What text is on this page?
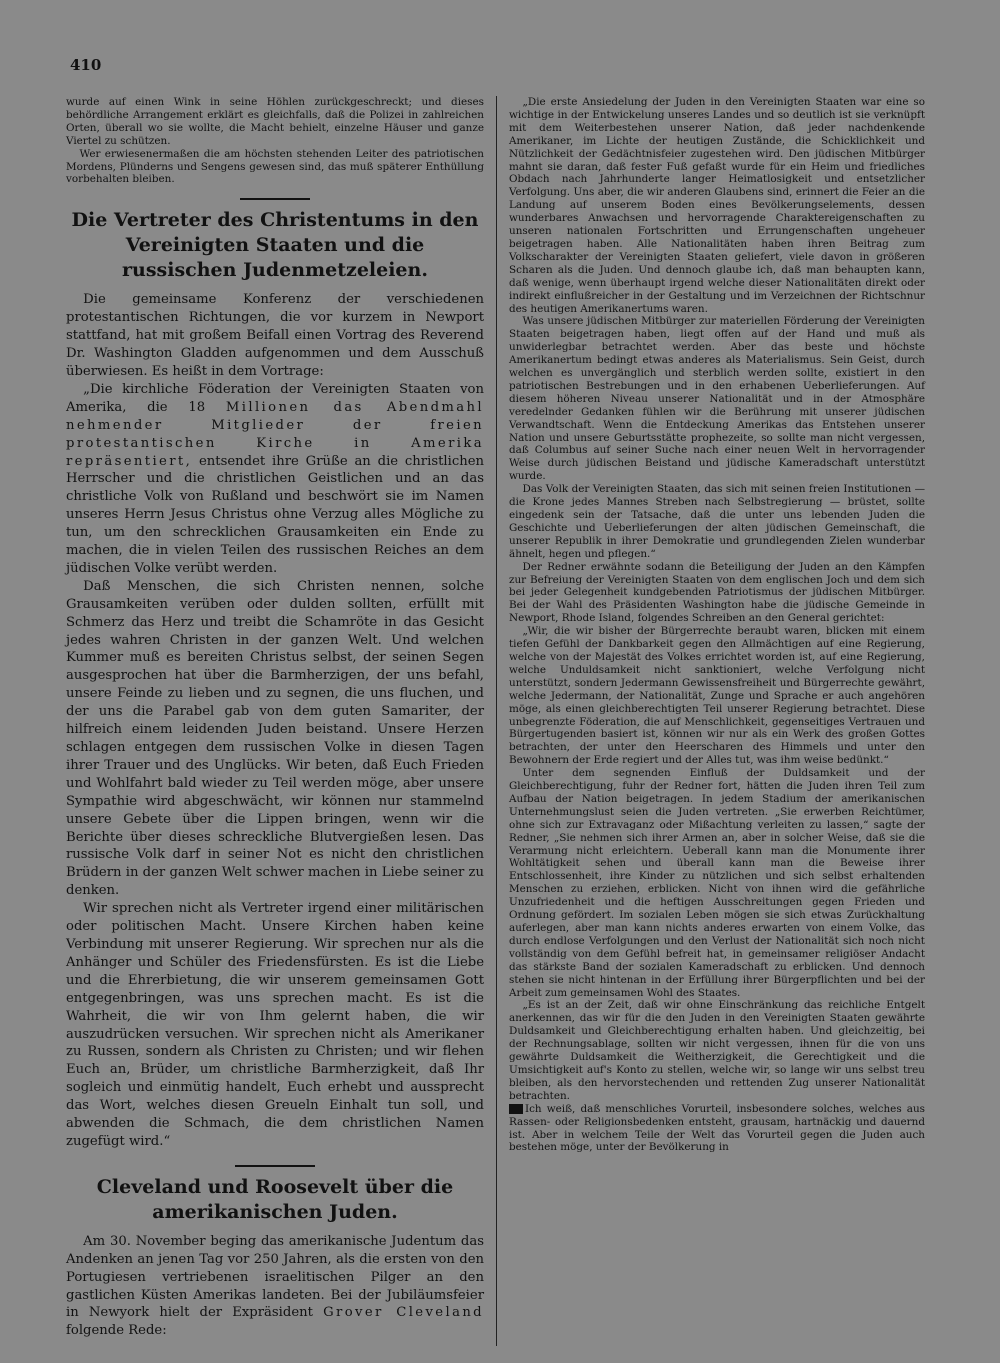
410

wurde auf einen Wink in seine Höhlen zurückgeschreckt; und dieses behördliche Arrangement erklärt es gleichfalls, daß die Polizei in zahlreichen Orten, überall wo sie wollte, die Macht behielt, einzelne Häuser und ganze Viertel zu schützen.

Wer erwiesenermaßen die am höchsten stehenden Leiter des patriotischen Mordens, Plünderns und Sengens gewesen sind, das muß späterer Enthüllung vorbehalten bleiben.

Die Vertreter des Christentums in den Vereinigten Staaten und die russischen Judenmetzeleien.

Die gemeinsame Konferenz der verschiedenen protestantischen Richtungen, die vor kurzem in Newport stattfand, hat mit großem Beifall einen Vortrag des Reverend Dr. Washington Gladden aufgenommen und dem Ausschuß überwiesen. Es heißt in dem Vortrage:

„Die kirchliche Föderation der Vereinigten Staaten von Amerika, die 18 Millionen das Abendmahl nehmender Mitglieder der freien protestantischen Kirche in Amerika repräsentiert, entsendet ihre Grüße an die christlichen Herrscher und die christlichen Geistlichen und an das christliche Volk von Rußland und beschwört sie im Namen unseres Herrn Jesus Christus ohne Verzug alles Mögliche zu tun, um den schrecklichen Grausamkeiten ein Ende zu machen, die in vielen Teilen des russischen Reiches an dem jüdischen Volke verübt werden.

Daß Menschen, die sich Christen nennen, solche Grausamkeiten verüben oder dulden sollten, erfüllt mit Schmerz das Herz und treibt die Schamröte in das Gesicht jedes wahren Christen in der ganzen Welt. Und welchen Kummer muß es bereiten Christus selbst, der seinen Segen ausgesprochen hat über die Barmherzigen, der uns befahl, unsere Feinde zu lieben und zu segnen, die uns fluchen, und der uns die Parabel gab von dem guten Samariter, der hilfreich einem leidenden Juden beistand. Unsere Herzen schlagen entgegen dem russischen Volke in diesen Tagen ihrer Trauer und des Unglücks. Wir beten, daß Euch Frieden und Wohlfahrt bald wieder zu Teil werden möge, aber unsere Sympathie wird abgeschwächt, wir können nur stammelnd unsere Gebete über die Lippen bringen, wenn wir die Berichte über dieses schreckliche Blutvergießen lesen. Das russische Volk darf in seiner Not es nicht den christlichen Brüdern in der ganzen Welt schwer machen in Liebe seiner zu denken.

Wir sprechen nicht als Vertreter irgend einer militärischen oder politischen Macht. Unsere Kirchen haben keine Verbindung mit unserer Regierung. Wir sprechen nur als die Anhänger und Schüler des Friedensfürsten. Es ist die Liebe und die Ehrerbietung, die wir unserem gemeinsamen Gott entgegenbringen, was uns sprechen macht. Es ist die Wahrheit, die wir von Ihm gelernt haben, die wir auszudrücken versuchen. Wir sprechen nicht als Amerikaner zu Russen, sondern als Christen zu Christen; und wir flehen Euch an, Brüder, um christliche Barmherzigkeit, daß Ihr sogleich und einmütig handelt, Euch erhebt und aussprecht das Wort, welches diesen Greueln Einhalt tun soll, und abwenden die Schmach, die dem christlichen Namen zugefügt wird.“

Cleveland und Roosevelt über die amerikanischen Juden.

Am 30. November beging das amerikanische Judentum das Andenken an jenen Tag vor 250 Jahren, als die ersten von den Portugiesen vertriebenen israelitischen Pilger an den gastlichen Küsten Amerikas landeten. Bei der Jubiläumsfeier in Newyork hielt der Expräsident Grover Cleveland folgende Rede:

„Die erste Ansiedelung der Juden in den Vereinigten Staaten war eine so wichtige in der Entwickelung unseres Landes und so deutlich ist sie verknüpft mit dem Weiterbestehen unserer Nation, daß jeder nachdenkende Amerikaner, im Lichte der heutigen Zustände, die Schicklichkeit und Nützlichkeit der Gedächtnisfeier zugestehen wird. Den jüdischen Mitbürger mahnt sie daran, daß fester Fuß gefaßt wurde für ein Heim und friedliches Obdach nach Jahrhunderte langer Heimatlosigkeit und entsetzlicher Verfolgung. Uns aber, die wir anderen Glaubens sind, erinnert die Feier an die Landung auf unserem Boden eines Bevölkerungselements, dessen wunderbares Anwachsen und hervorragende Charaktereigenschaften zu unseren nationalen Fortschritten und Errungenschaften ungeheuer beigetragen haben. Alle Nationalitäten haben ihren Beitrag zum Volkscharakter der Vereinigten Staaten geliefert, viele davon in größeren Scharen als die Juden. Und dennoch glaube ich, daß man behaupten kann, daß wenige, wenn überhaupt irgend welche dieser Nationalitäten direkt oder indirekt einflußreicher in der Gestaltung und im Verzeichnen der Richtschnur des heutigen Amerikanertums waren.

Was unsere jüdischen Mitbürger zur materiellen Förderung der Vereinigten Staaten beigetragen haben, liegt offen auf der Hand und muß als unwiderlegbar betrachtet werden. Aber das beste und höchste Amerikanertum bedingt etwas anderes als Materialismus. Sein Geist, durch welchen es unvergänglich und sterblich werden sollte, existiert in den patriotischen Bestrebungen und in den erhabenen Ueberlieferungen. Auf diesem höheren Niveau unserer Nationalität und in der Atmosphäre veredelnder Gedanken fühlen wir die Berührung mit unserer jüdischen Verwandtschaft. Wenn die Entdeckung Amerikas das Entstehen unserer Nation und unsere Geburtsstätte prophezeite, so sollte man nicht vergessen, daß Columbus auf seiner Suche nach einer neuen Welt in hervorragender Weise durch jüdischen Beistand und jüdische Kameradschaft unterstützt wurde.

Das Volk der Vereinigten Staaten, das sich mit seinen freien Institutionen — die Krone jedes Mannes Streben nach Selbstregierung — brüstet, sollte eingedenk sein der Tatsache, daß die unter uns lebenden Juden die Geschichte und Ueberlieferungen der alten jüdischen Gemeinschaft, die unserer Republik in ihrer Demokratie und grundlegenden Zielen wunderbar ähnelt, hegen und pflegen.“

Der Redner erwähnte sodann die Beteiligung der Juden an den Kämpfen zur Befreiung der Vereinigten Staaten von dem englischen Joch und dem sich bei jeder Gelegenheit kundgebenden Patriotismus der jüdischen Mitbürger. Bei der Wahl des Präsidenten Washington habe die jüdische Gemeinde in Newport, Rhode Island, folgendes Schreiben an den General gerichtet:

„Wir, die wir bisher der Bürgerrechte beraubt waren, blicken mit einem tiefen Gefühl der Dankbarkeit gegen den Allmächtigen auf eine Regierung, welche von der Majestät des Volkes errichtet worden ist, auf eine Regierung, welche Unduldsamkeit nicht sanktioniert, welche Verfolgung nicht unterstützt, sondern Jedermann Gewissensfreiheit und Bürgerrechte gewährt, welche Jedermann, der Nationalität, Zunge und Sprache er auch angehören möge, als einen gleichberechtigten Teil unserer Regierung betrachtet. Diese unbegrenzte Föderation, die auf Menschlichkeit, gegenseitiges Vertrauen und Bürgertugenden basiert ist, können wir nur als ein Werk des großen Gottes betrachten, der unter den Heerscharen des Himmels und unter den Bewohnern der Erde regiert und der Alles tut, was ihm weise bedünkt.“

Unter dem segnenden Einfluß der Duldsamkeit und der Gleichberechtigung, fuhr der Redner fort, hätten die Juden ihren Teil zum Aufbau der Nation beigetragen. In jedem Stadium der amerikanischen Unternehmungslust seien die Juden vertreten. „Sie erwerben Reichtümer, ohne sich zur Extravaganz oder Mißachtung verleiten zu lassen,“ sagte der Redner, „Sie nehmen sich ihrer Armen an, aber in solcher Weise, daß sie die Verarmung nicht erleichtern. Ueberall kann man die Monumente ihrer Wohltätigkeit sehen und überall kann man die Beweise ihrer Entschlossenheit, ihre Kinder zu nützlichen und sich selbst erhaltenden Menschen zu erziehen, erblicken. Nicht von ihnen wird die gefährliche Unzufriedenheit und die heftigen Ausschreitungen gegen Frieden und Ordnung gefördert. Im sozialen Leben mögen sie sich etwas Zurückhaltung auferlegen, aber man kann nichts anderes erwarten von einem Volke, das durch endlose Verfolgungen und den Verlust der Nationalität sich noch nicht vollständig von dem Gefühl befreit hat, in gemeinsamer religiöser Andacht das stärkste Band der sozialen Kameradschaft zu erblicken. Und dennoch stehen sie nicht hintenan in der Erfüllung ihrer Bürgerpflichten und bei der Arbeit zum gemeinsamen Wohl des Staates.

„Es ist an der Zeit, daß wir ohne Einschränkung das reichliche Entgelt anerkennen, das wir für die den Juden in den Vereinigten Staaten gewährte Duldsamkeit und Gleichberechtigung erhalten haben. Und gleichzeitig, bei der Rechnungsablage, sollten wir nicht vergessen, ihnen für die von uns gewährte Duldsamkeit die Weitherzigkeit, die Gerechtigkeit und die Umsichtigkeit auf's Konto zu stellen, welche wir, so lange wir uns selbst treu bleiben, als den hervorstechenden und rettenden Zug unserer Nationalität betrachten.

Ich weiß, daß menschliches Vorurteil, insbesondere solches, welches aus Rassen- oder Religionsbedenken entsteht, grausam, hartnäckig und dauernd ist. Aber in welchem Teile der Welt das Vorurteil gegen die Juden auch bestehen möge, unter der Bevölkerung in
